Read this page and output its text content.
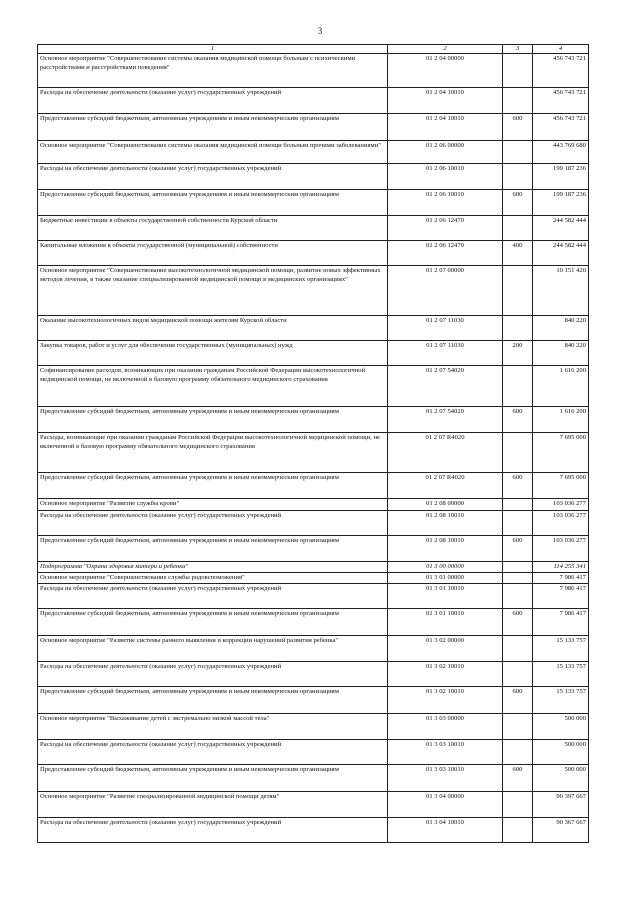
3
1	2	3	4
Основное мероприятие "Совершенствование системы оказания медицинской помощи больным с психическими расстройствами и расстройствами поведения"	01 2 04 00000		456 743 721
Расходы на обеспечение деятельности (оказание услуг) государственных учреждений	01 2 04 10010		456 743 721
Предоставление субсидий бюджетным, автономным учреждениям и иным некоммерческим организациям	01 2 04 10010	600	456 743 721
Основное мероприятие "Совершенствование системы оказания медицинской помощи больным прочими заболеваниями"	01 2 06 00000		443 769 680
Расходы на обеспечение деятельности (оказание услуг) государственных учреждений	01 2 06 10010		199 187 236
Предоставление субсидий бюджетным, автономным учреждениям и иным некоммерческим организациям	01 2 06 10010	600	199 187 236
Бюджетные инвестиции в объекты государственной собственности Курской области	01 2 06 12470		244 582 444
Капитальные вложения в объекты государственной (муниципальной) собственности	01 2 06 12470	400	244 582 444
Основное мероприятие "Совершенствование высокотехнологичной медицинской помощи, развитие новых эффективных методов лечения, в также оказание специализированной медицинской помощи в медицинских организациях"	01 2 07 00000		10 151 420
Оказание высокотехнологичных видов медицинской помощи жителям Курской области	01 2 07 11030		840 220
Закупка товаров, работ и услуг для обеспечения государственных (муниципальных) нужд	01 2 07 11030	200	840 220
Софинансирование расходов, возникающих при оказании гражданам Российской Федерации высокотехнологичной медицинской помощи, не включенной в базовую программу обязательного медицинского страхования	01 2 07 54020		1 616 200
Предоставление субсидий бюджетным, автономным учреждениям и иным некоммерческим организациям	01 2 07 54020	600	1 616 200
Расходы, возникающие при оказании гражданам Российской Федерации высокотехнологичной медицинской помощи, не включенной в базовую программу обязательного медицинского страхования	01 2 07 R4020		7 695 000
Предоставление субсидий бюджетным, автономным учреждениям и иным некоммерческим организациям	01 2 07 R4020	600	7 695 000
Основное мероприятие "Развитие службы крови"	01 2 08 00000		103 036 277
Расходы на обеспечение деятельности (оказание услуг) государственных учреждений	01 2 08 10010		103 036 277
Предоставление субсидий бюджетным, автономным учреждениям и иным некоммерческим организациям	01 2 08 10010	600	103 036 277
Подпрограмма "Охрана здоровья матери и ребенка"	01 3 00 00000		114 255 341
Основное мероприятие "Совершенствование службы родовспоможения"	01 3 01 00000		7 986 417
Расходы на обеспечение деятельности (оказание услуг) государственных учреждений	01 3 01 10010		7 986 417
Предоставление субсидий бюджетным, автономным учреждениям и иным некоммерческим организациям	01 3 01 10010	600	7 986 417
Основное мероприятие "Развитие системы раннего выявления и коррекции нарушений развития ребенка"	01 3 02 00000		15 133 757
Расходы на обеспечение деятельности (оказание услуг) государственных учреждений	01 3 02 10010		15 133 757
Предоставление субсидий бюджетным, автономным учреждениям и иным некоммерческим организациям	01 3 02 10010	600	15 133 757
Основное мероприятие "Выхаживание детей с экстремально низкой массой тела"	01 3 03 00000		500 000
Расходы на обеспечение деятельности (оказание услуг) государственных учреждений	01 3 03 10010		500 000
Предоставление субсидий бюджетным, автономным учреждениям и иным некоммерческим организациям	01 3 03 10010	600	500 000
Основное мероприятие "Развитие специализированной медицинской помощи детям"	01 3 04 00000		90 397 667
Расходы на обеспечение деятельности (оказание услуг) государственных учреждений	01 3 04 10010		90 367 667
